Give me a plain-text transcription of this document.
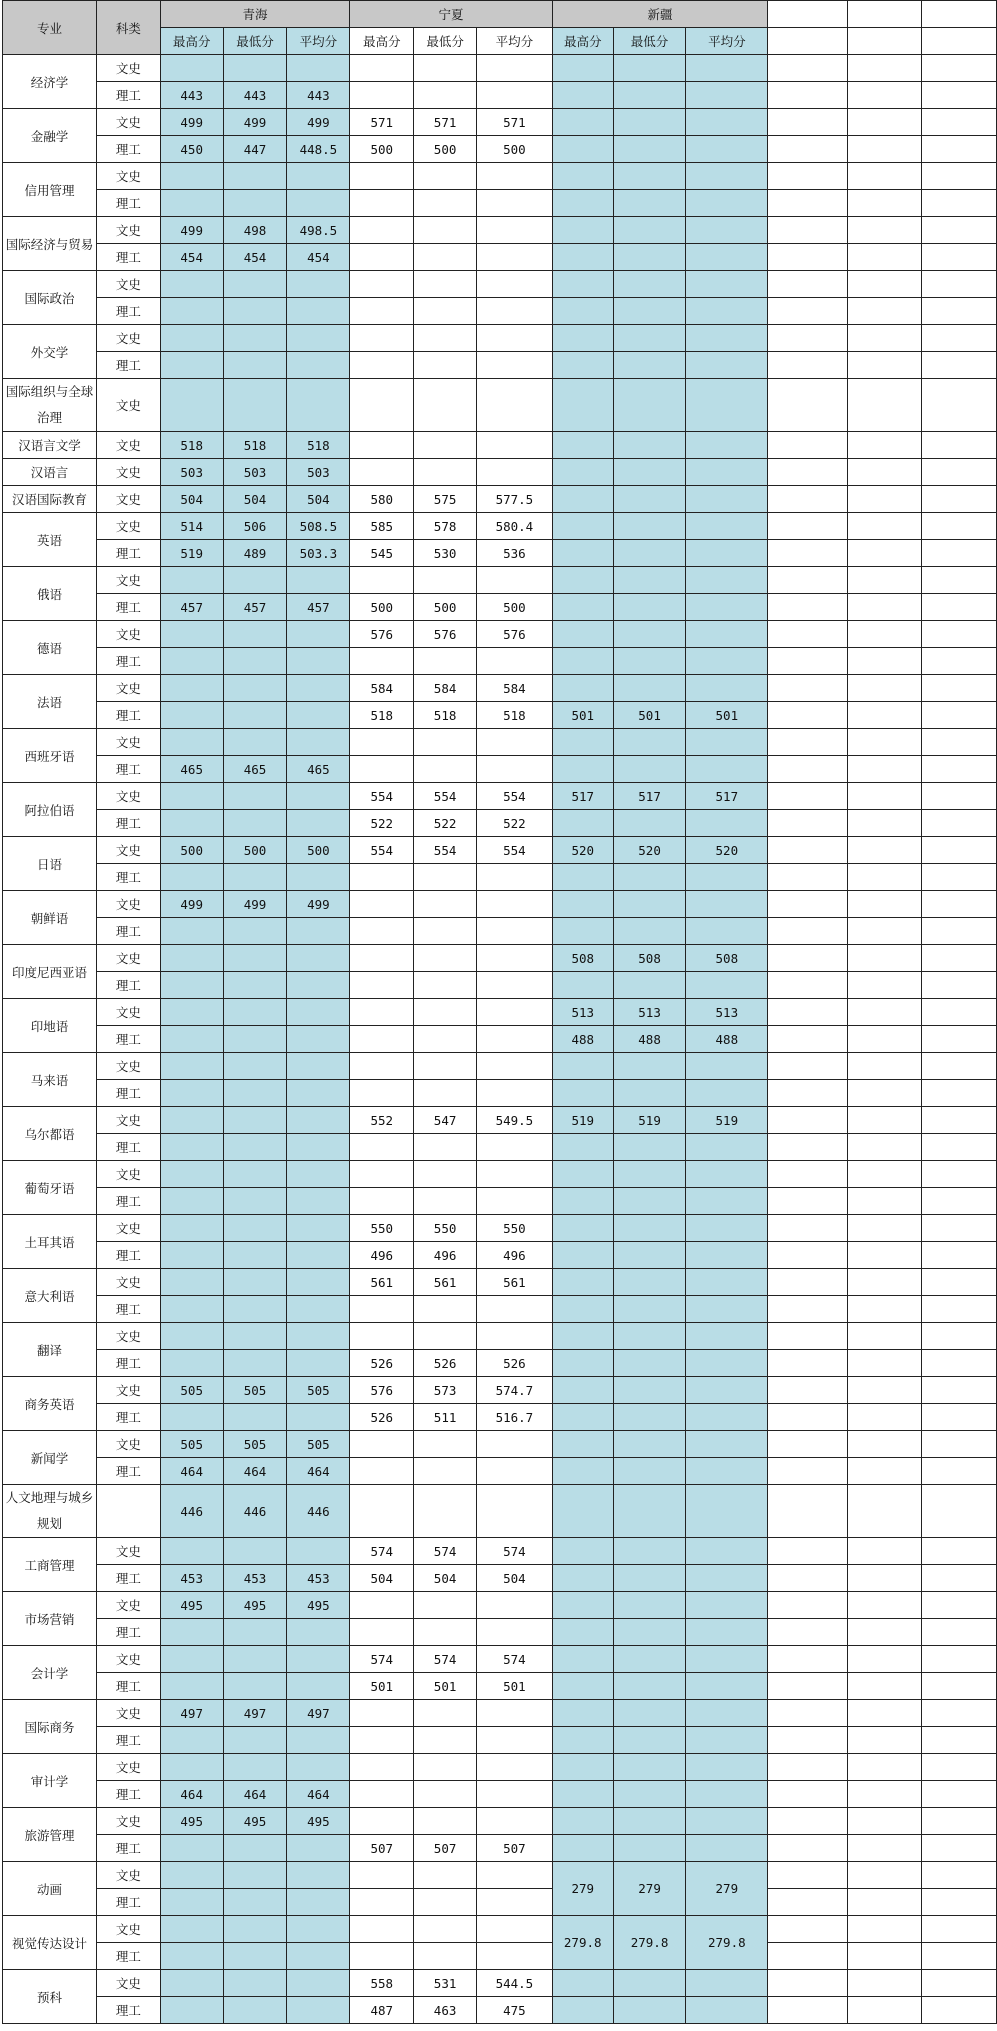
专业	科类	青海			宁夏			新疆					
		最高分	最低分	平均分	最高分	最低分	平均分	最高分	最低分	平均分			
经济学	文史												
	理工	443	443	443									
金融学	文史	499	499	499	571	571	571						
	理工	450	447	448.5	500	500	500						
信用管理	文史												
	理工												
国际经济与贸易	文史	499	498	498.5									
	理工	454	454	454									
国际政治	文史												
	理工												
外交学	文史												
	理工												
国际组织与全球治理	文史												
汉语言文学	文史	518	518	518									
汉语言	文史	503	503	503									
汉语国际教育	文史	504	504	504	580	575	577.5						
英语	文史	514	506	508.5	585	578	580.4						
	理工	519	489	503.3	545	530	536						
俄语	文史												
	理工	457	457	457	500	500	500						
德语	文史				576	576	576						
	理工												
法语	文史				584	584	584						
	理工				518	518	518	501	501	501			
西班牙语	文史												
	理工	465	465	465									
阿拉伯语	文史				554	554	554	517	517	517			
	理工				522	522	522						
日语	文史	500	500	500	554	554	554	520	520	520			
	理工												
朝鲜语	文史	499	499	499									
	理工												
印度尼西亚语	文史							508	508	508			
	理工												
印地语	文史							513	513	513			
	理工							488	488	488			
马来语	文史												
	理工												
乌尔都语	文史				552	547	549.5	519	519	519			
	理工												
葡萄牙语	文史												
	理工												
土耳其语	文史				550	550	550						
	理工				496	496	496						
意大利语	文史				561	561	561						
	理工												
翻译	文史												
	理工				526	526	526						
商务英语	文史	505	505	505	576	573	574.7						
	理工				526	511	516.7						
新闻学	文史	505	505	505									
	理工	464	464	464									
人文地理与城乡规划		446	446	446									
工商管理	文史				574	574	574						
	理工	453	453	453	504	504	504						
市场营销	文史	495	495	495									
	理工												
会计学	文史				574	574	574						
	理工				501	501	501						
国际商务	文史	497	497	497									
	理工												
审计学	文史												
	理工	464	464	464									
旅游管理	文史	495	495	495									
	理工				507	507	507						
动画	文史							279	279	279			
	理工												
视觉传达设计	文史							279.8	279.8	279.8			
	理工												
预科	文史				558	531	544.5						
	理工				487	463	475						
